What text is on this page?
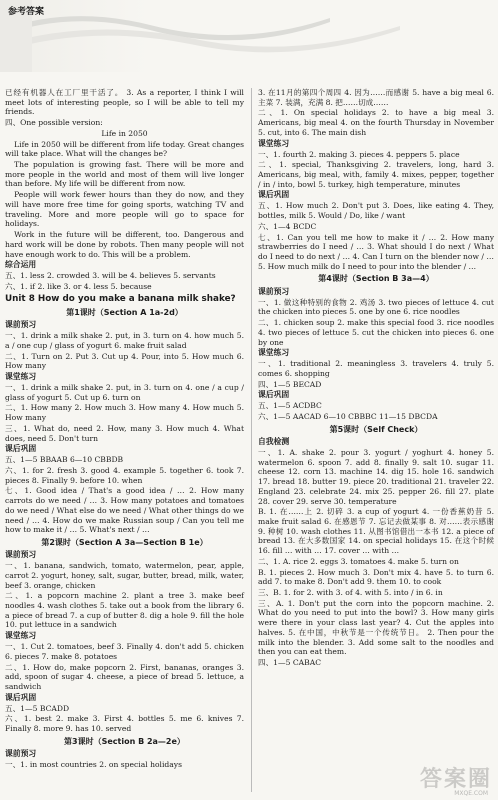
参考答案
已经有机器人在工厂里干活了。 3. As a reporter, I think I will meet lots of interesting people, so I will be able to tell my friends.
四、One possible version:
Life in 2050
Life in 2050 will be different from life today. Great changes will take place. What will the changes be?
The population is growing fast. There will be more and more people in the world and most of them will live longer than before. My life will be different from now.
People will work fewer hours than they do now, and they will have more free time for going sports, watching TV and traveling. More and more people will go to space for holidays.
Work in the future will be different, too. Dangerous and hard work will be done by robots. Then many people will not have enough work to do. This will be a problem.
综合运用
五、1. less 2. crowded 3. will be 4. believes 5. servants
六、1. if 2. like 3. or 4. less 5. because
Unit 8 How do you make a banana milk shake?
第1课时（Section A 1a-2d）
课前预习
一、1. drink a milk shake 2. put, in 3. turn on 4. how much 5. a / one cup / glass of yogurt 6. make fruit salad
二、1. Turn on 2. Put 3. Cut up 4. Pour, into 5. How much 6. How many
课堂练习
一、1. drink a milk shake 2. put, in 3. turn on 4. one / a cup / glass of yogurt 5. Cut up 6. turn on
二、1. How many 2. How much 3. How many 4. How much 5. How many
三、1. What do, need 2. How, many 3. How much 4. What does, need 5. Don't turn
课后巩固
五、1—5 BBAAB 6—10 CBBDB
六、1. for 2. fresh 3. good 4. example 5. together 6. took 7. pieces 8. Finally 9. before 10. when
七、1. Good idea / That's a good idea / … 2. How many carrots do we need / … 3. How many potatoes and tomatoes do we need / What else do we need / What other things do we need / … 4. How do we make Russian soup / Can you tell me how to make it / … 5. What's next / …
第2课时（Section A 3a—Section B 1e）
课前预习
一、1. banana, sandwich, tomato, watermelon, pear, apple, carrot 2. yogurt, honey, salt, sugar, butter, bread, milk, water, beef 3. orange, chicken
二、1. a popcorn machine 2. plant a tree 3. make beef noodles 4. wash clothes 5. take out a book from the library 6. a piece of bread 7. a cup of butter 8. dig a hole 9. fill the hole 10. put lettuce in a sandwich
课堂练习
一、1. Cut 2. tomatoes, beef 3. Finally 4. don't add 5. chicken 6. pieces 7. make 8. potatoes
二、1. How do, make popcorn 2. First, bananas, oranges 3. add, spoon of sugar 4. cheese, a piece of bread 5. lettuce, a sandwich
课后巩固
五、1—5 BCADD
六、1. best 2. make 3. First 4. bottles 5. me 6. knives 7. Finally 8. more 9. has 10. served
第3课时（Section B 2a—2e）
课前预习
一、1. in most countries 2. on special holidays
3. 在11月的第四个周四 4. 因为……而感谢 5. have a big meal 6. 主菜 7. 装满，充满 8. 把……切成……
二、1. On special holidays 2. to have a big meal 3. Americans, big meal 4. on the fourth Thursday in November 5. cut, into 6. The main dish
课堂练习
一、1. fourth 2. making 3. pieces 4. peppers 5. place
二、1. special, Thanksgiving 2. travelers, long, hard 3. Americans, big meal, with, family 4. mixes, pepper, together / in / into, bowl 5. turkey, high temperature, minutes
课后巩固
五、1. How much 2. Don't put 3. Does, like eating 4. They, bottles, milk 5. Would / Do, like / want
六、1—4 BCDC
七、1. Can you tell me how to make it / … 2. How many strawberries do I need / … 3. What should I do next / What do I need to do next / … 4. Can I turn on the blender now / … 5. How much milk do I need to pour into the blender / …
第4课时（Section B 3a—4）
课前预习
一、1. 做这种特别的食物 2. 鸡汤 3. two pieces of lettuce 4. cut the chicken into pieces 5. one by one 6. rice noodles
二、1. chicken soup 2. make this special food 3. rice noodles 4. two pieces of lettuce 5. cut the chicken into pieces 6. one by one
课堂练习
一、1. traditional 2. meaningless 3. travelers 4. truly 5. comes 6. shopping
四、1—5 BECAD
课后巩固
五、1—5 ACDBC
六、1—5 AACAD 6—10 CBBBC 11—15 DBCDA
第5课时（Self Check）
自我检测
一、1. A. shake 2. pour 3. yogurt / yoghurt 4. honey 5. watermelon 6. spoon 7. add 8. finally 9. salt 10. sugar 11. cheese 12. corn 13. machine 14. dig 15. hole 16. sandwich 17. bread 18. butter 19. piece 20. traditional 21. traveler 22. England 23. celebrate 24. mix 25. pepper 26. fill 27. plate 28. cover 29. serve 30. temperature
B. 1. 在……上 2. 切碎 3. a cup of yogurt 4. 一份香蕉奶昔 5. make fruit salad 6. 在感恩节 7. 忘记去做某事 8. 对……表示感谢 9. 种树 10. wash clothes 11. 从图书馆借出一本书 12. a piece of bread 13. 在大多数国家 14. on special holidays 15. 在这个时候 16. fill … with … 17. cover … with …
二、1. A. rice 2. eggs 3. tomatoes 4. make 5. turn on
B. 1. pieces 2. How much 3. Don't mix 4. have 5. to turn 6. add 7. to make 8. Don't add 9. them 10. to cook
三、B. 1. for 2. with 3. of 4. with 5. into / in 6. in
三、A. 1. Don't put the corn into the popcorn machine. 2. What do you need to put into the bowl? 3. How many girls were there in your class last year? 4. Cut the apples into halves. 5. 在中国，中秋节是一个传统节日。 2. Then pour the milk into the blender. 3. Add some salt to the noodles and then you can eat them.
四、1—5 CABAC
答案圈
MXQE.COM
